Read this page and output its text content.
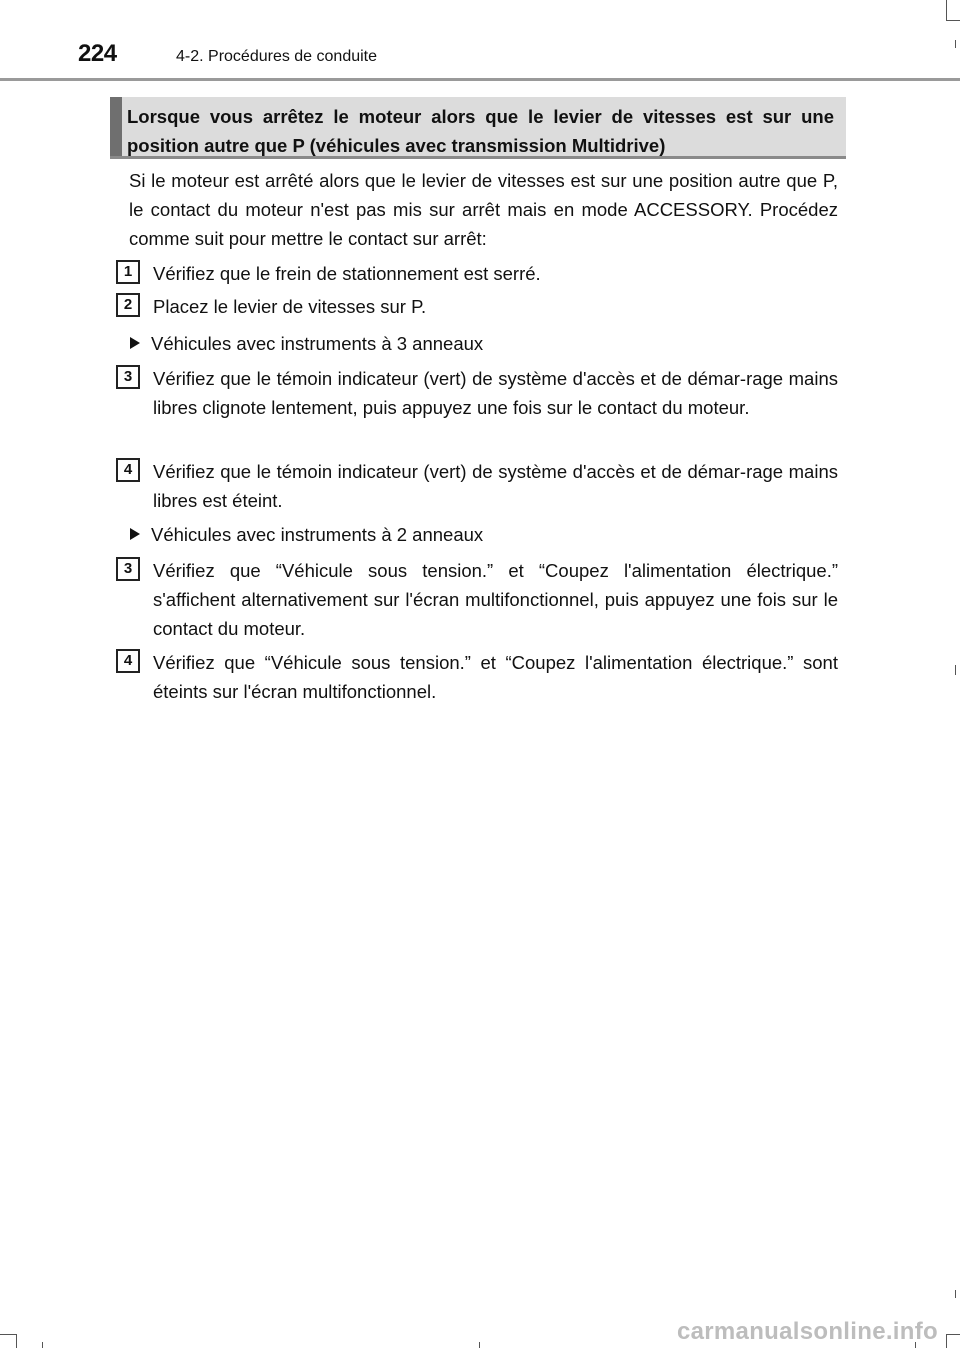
224	4-2. Procédures de conduite
Lorsque vous arrêtez le moteur alors que le levier de vitesses est sur une position autre que P (véhicules avec transmission Multidrive)
Si le moteur est arrêté alors que le levier de vitesses est sur une position autre que P, le contact du moteur n'est pas mis sur arrêt mais en mode ACCESSORY. Procédez comme suit pour mettre le contact sur arrêt:
1	Vérifiez que le frein de stationnement est serré.
2	Placez le levier de vitesses sur P.
Véhicules avec instruments à 3 anneaux
3	Vérifiez que le témoin indicateur (vert) de système d'accès et de démar-rage mains libres clignote lentement, puis appuyez une fois sur le contact du moteur.
4	Vérifiez que le témoin indicateur (vert) de système d'accès et de démar-rage mains libres est éteint.
Véhicules avec instruments à 2 anneaux
3	Vérifiez que “Véhicule sous tension.” et “Coupez l'alimentation électrique.” s'affichent alternativement sur l'écran multifonctionnel, puis appuyez une fois sur le contact du moteur.
4	Vérifiez que “Véhicule sous tension.” et “Coupez l'alimentation électrique.” sont éteints sur l'écran multifonctionnel.
carmanualsonline.info
